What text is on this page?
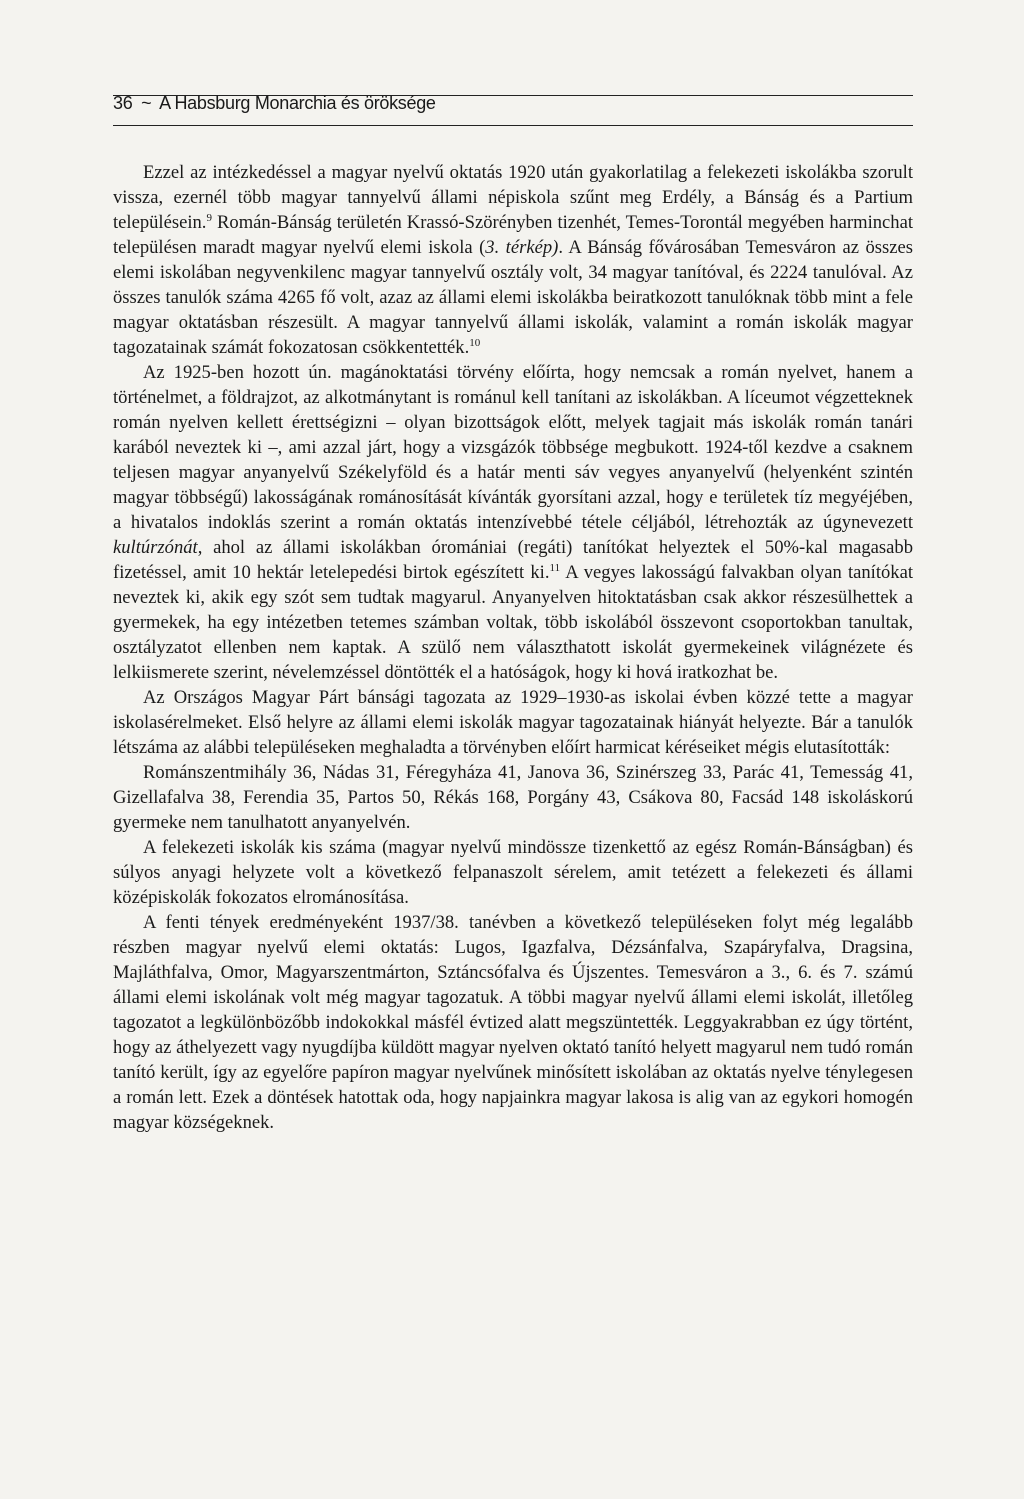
36 ~ A Habsburg Monarchia és öröksége

Ezzel az intézkedéssel a magyar nyelvű oktatás 1920 után gyakorlatilag a felekezeti iskolákba szorult vissza, ezernél több magyar tannyelvű állami népiskola szűnt meg Erdély, a Bánság és a Partium településein.$^9$ Román-Bánság területén Krassó-Szörényben tizenhét, Temes-Torontál megyében harminchat településen maradt magyar nyelvű elemi iskola (3. térkép). A Bánság fővárosában Temesváron az összes elemi iskolában negyvenkilenc magyar tannyelvű osztály volt, 34 magyar tanítóval, és 2224 tanulóval. Az összes tanulók száma 4265 fő volt, azaz az állami elemi iskolákba beiratkozott tanulóknak több mint a fele magyar oktatásban részesült. A magyar tannyelvű állami iskolák, valamint a román iskolák magyar tagozatainak számát fokozatosan csökkentették.$^{10}$

Az 1925-ben hozott ún. magánoktatási törvény előírta, hogy nemcsak a román nyelvet, hanem a történelmet, a földrajzot, az alkotmánytant is románul kell tanítani az iskolákban. A líceumot végzetteknek román nyelven kellett érettségizni – olyan bizottságok előtt, melyek tagjait más iskolák román tanári karából neveztek ki –, ami azzal járt, hogy a vizsgázók többsége megbukott. 1924-től kezdve a csaknem teljesen magyar anyanyelvű Székelyföld és a határ menti sáv vegyes anyanyelvű (helyenként szintén magyar többségű) lakosságának románosítását kívánták gyorsítani azzal, hogy e területek tíz megyéjében, a hivatalos indoklás szerint a román oktatás intenzívebbé tétele céljából, létrehozták az úgynevezett kultúrzónát, ahol az állami iskolákban óromániai (regáti) tanítókat helyeztek el 50%-kal magasabb fizetéssel, amit 10 hektár letelepedési birtok egészített ki.$^{11}$ A vegyes lakosságú falvakban olyan tanítókat neveztek ki, akik egy szót sem tudtak magyarul. Anyanyelven hitoktatásban csak akkor részesülhettek a gyermekek, ha egy intézetben tetemes számban voltak, több iskolából összevont csoportokban tanultak, osztályzatot ellenben nem kaptak. A szülő nem választhatott iskolát gyermekeinek világnézete és lelkiismerete szerint, névelemzéssel döntötték el a hatóságok, hogy ki hová iratkozhat be.

Az Országos Magyar Párt bánsági tagozata az 1929–1930-as iskolai évben közzé tette a magyar iskolasérelmeket. Első helyre az állami elemi iskolák magyar tagozatainak hiányát helyezte. Bár a tanulók létszáma az alábbi településeken meghaladta a törvényben előírt harmicat kéréseiket mégis elutasították:

Románszentmihály 36, Nádas 31, Féregyháza 41, Janova 36, Szinérszeg 33, Parác 41, Temesság 41, Gizellafalva 38, Ferendia 35, Partos 50, Rékás 168, Porgány 43, Csákova 80, Facsád 148 iskoláskorú gyermeke nem tanulhatott anyanyelvén.

A felekezeti iskolák kis száma (magyar nyelvű mindössze tizenkettő az egész Román-Bánságban) és súlyos anyagi helyzete volt a következő felpanaszolt sérelem, amit tetézett a felekezeti és állami középiskolák fokozatos elrománosítása.

A fenti tények eredményeként 1937/38. tanévben a következő településeken folyt még legalább részben magyar nyelvű elemi oktatás: Lugos, Igazfalva, Dézsánfalva, Szapáryfalva, Dragsina, Majláthfalva, Omor, Magyarszentmárton, Sztáncsófalva és Újszentes. Temesváron a 3., 6. és 7. számú állami elemi iskolának volt még magyar tagozatuk. A többi magyar nyelvű állami elemi iskolát, illetőleg tagozatot a legkülönbözőbb indokokkal másfél évtized alatt megszüntették. Leggyakrabban ez úgy történt, hogy az áthelyezett vagy nyugdíjba küldött magyar nyelven oktató tanító helyett magyarul nem tudó román tanító került, így az egyelőre papíron magyar nyelvűnek minősített iskolában az oktatás nyelve ténylegesen a román lett. Ezek a döntések hatottak oda, hogy napjainkra magyar lakosa is alig van az egykori homogén magyar községeknek.
